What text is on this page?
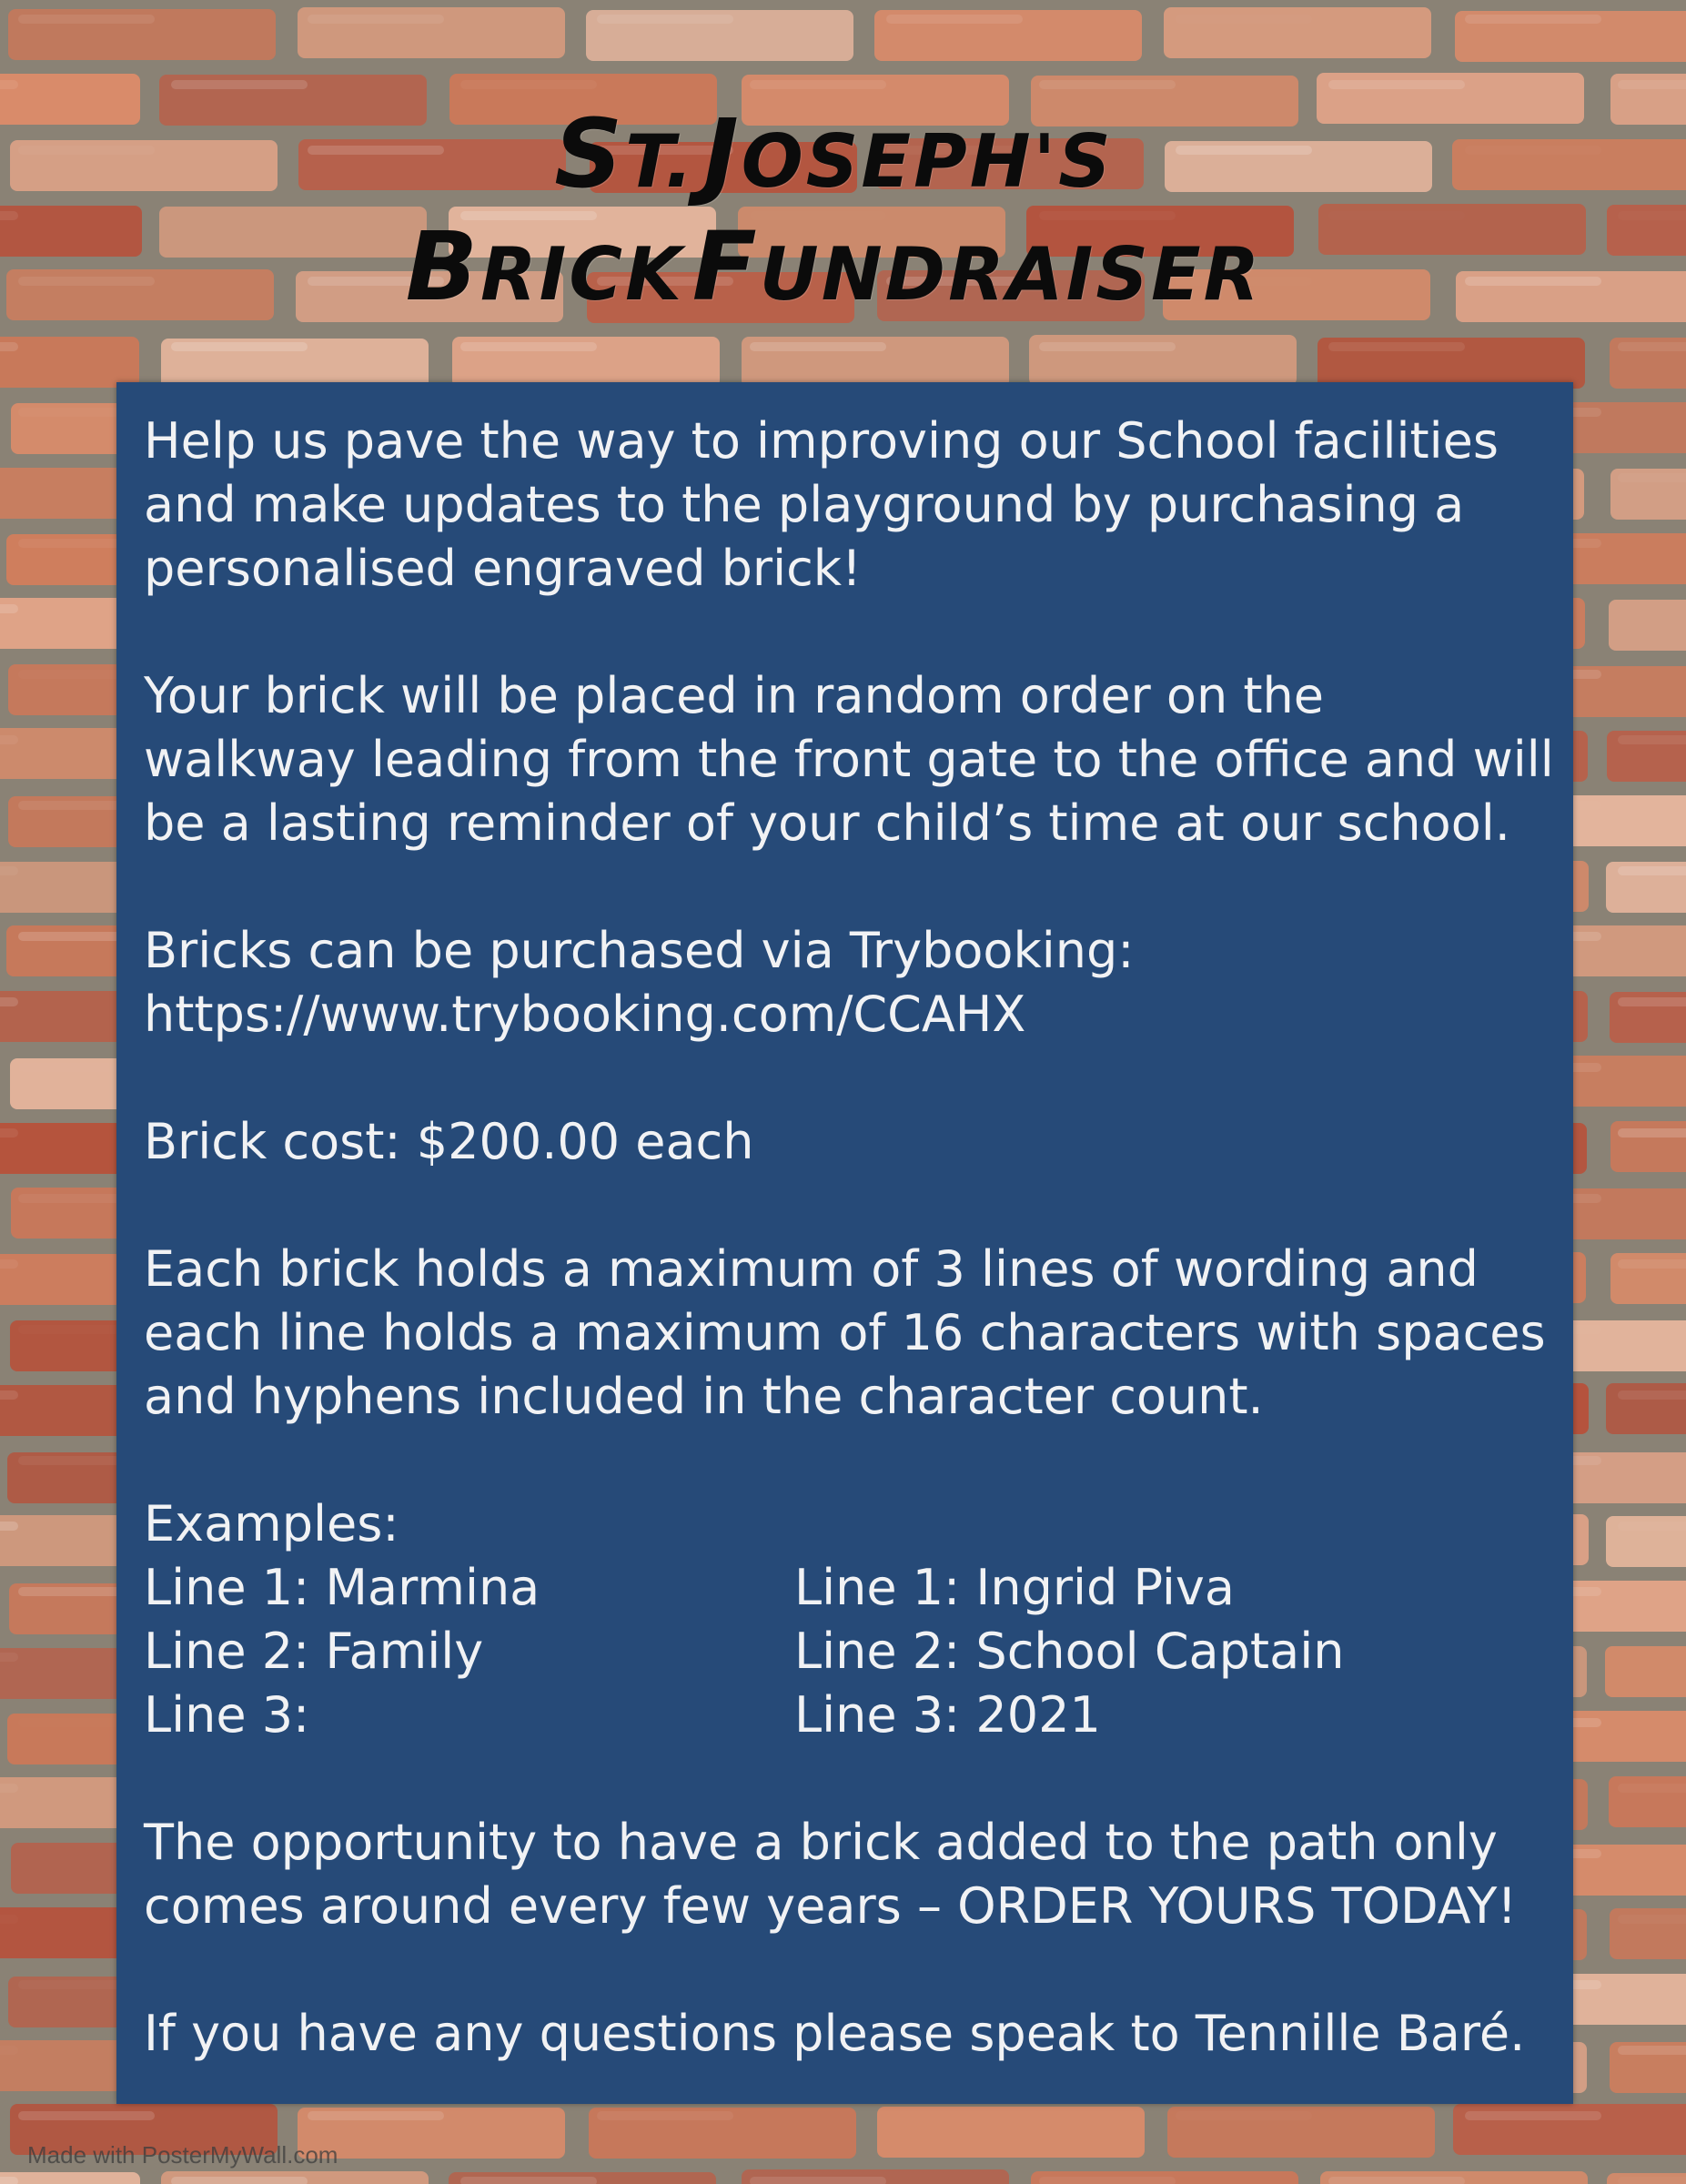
ST. JOSEPH'S
BRICK FUNDRAISER
Help us pave the way to improving our School facilities
and make updates to the playground by purchasing a
personalised engraved brick!
Your brick will be placed in random order on the
walkway leading from the front gate to the office and will
be a lasting reminder of your child’s time at our school.
Bricks can be purchased via Trybooking:
https://www.trybooking.com/CCAHX
Brick cost: $200.00 each
Each brick holds a maximum of 3 lines of wording and
each line holds a maximum of 16 characters with spaces
and hyphens included in the character count.
Examples:
Line 1: Marmina
Line 2: Family
Line 3:
Line 1: Ingrid Piva
Line 2: School Captain
Line 3: 2021
The opportunity to have a brick added to the path only
comes around every few years – ORDER YOURS TODAY!
If you have any questions please speak to Tennille Baré.
Made with PosterMyWall.com
